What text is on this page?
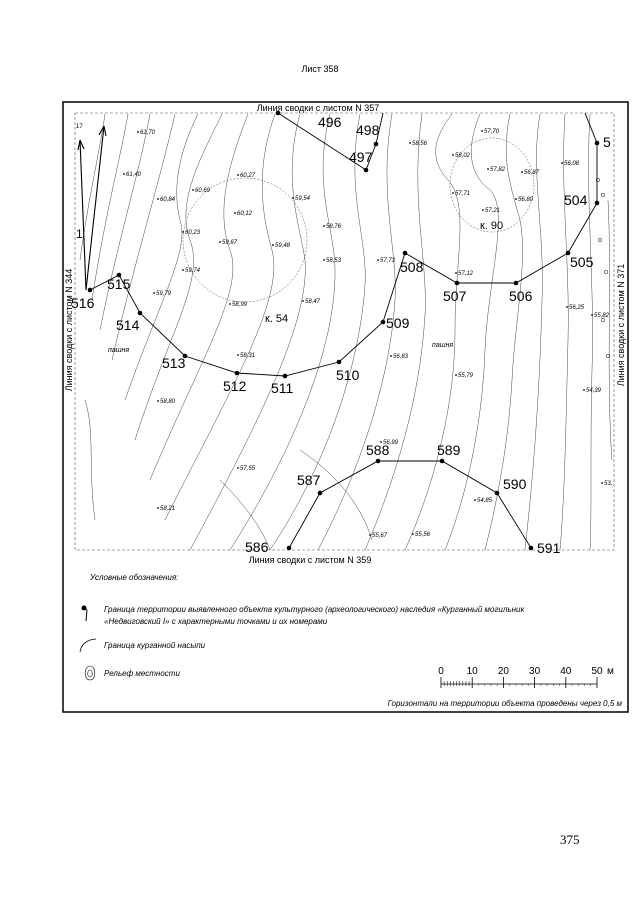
Лист 358
61,70
61,40
60,84
60,69
60,27
60,12
60,23
59,54
59,67	59,48
58,76
59,74
59,79
58,53
58,99	58,47
58,31
58,80
57,55
58,21
58,56
58,02
57,70
57,82	56,87
57,71
57,21
56,80
57,73
57,12
56,08
56,83
56,25
55,82
55,79
54,39
56,99
54,85
55,67	55,56
53,
496
497
498
5
504
505
506
507
508
509
510
511
512
513
514
515
516
586
587
588	589
590
591
Линия сводки с листом N 357
Линия сводки с листом N 359
Линия сводки с листом N 344	Линия сводки с листом N 371
17
1
к. 54
к. 90
пашня
пашня
Условные обозначения:
Граница территории выявленного объекта культурного (археологического) наследия «Курганный могильник
«Недвиговский I» с характерными точками и их номерами
Граница курганной насыпи
Рельеф местности	0 10 20 30 40 50 м
Горизонтали на территории объекта проведены через 0,5 м
375
